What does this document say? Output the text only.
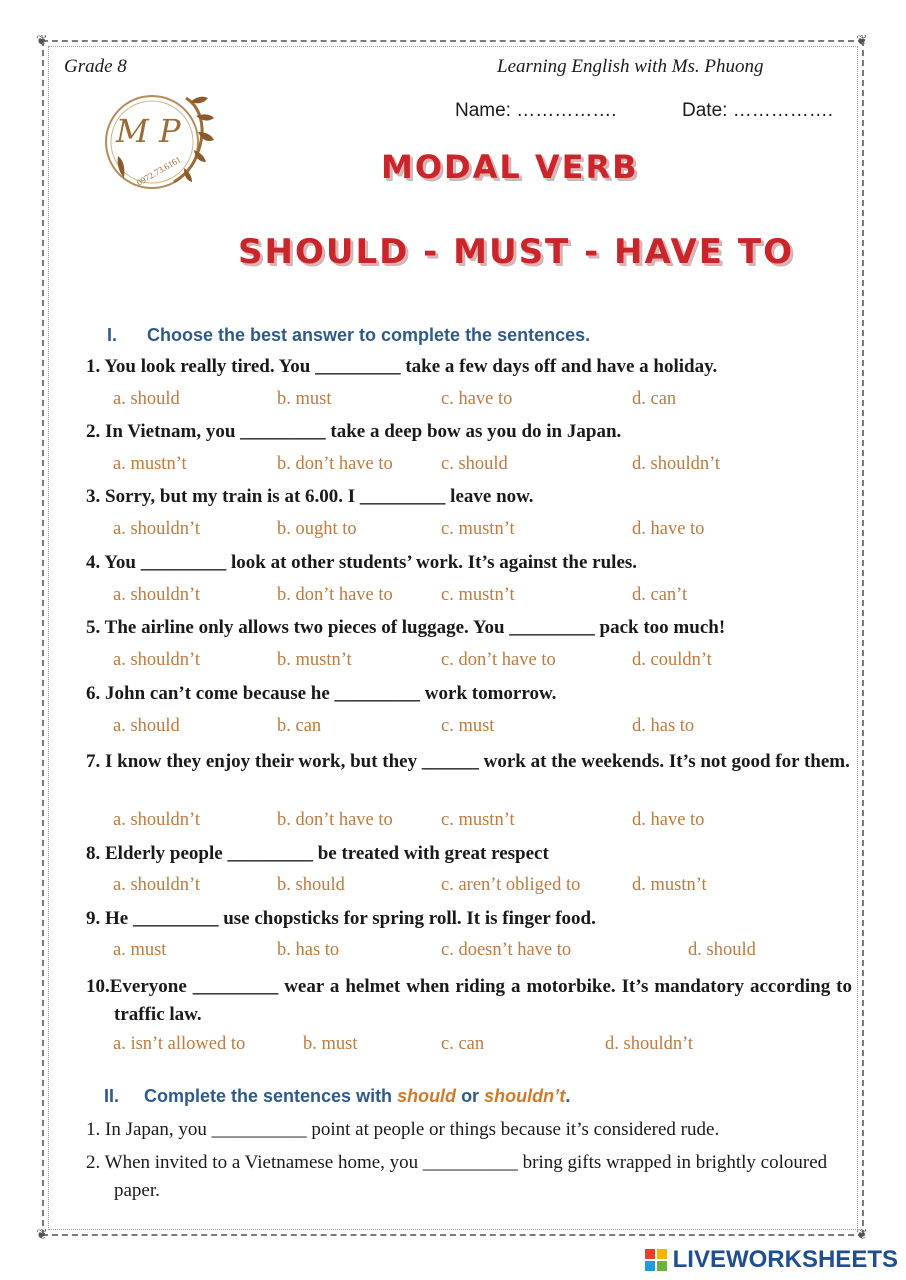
❦	❦
❦	❦
Grade 8	Learning English with Ms. Phuong
Name: …………….	Date: …………….
M P
0972.73.6161	MODAL VERB
SHOULD - MUST - HAVE TO
I. Choose the best answer to complete the sentences.
1. You look really tired. You _________ take a few days off and have a holiday.
a. should	b. must	c. have to	d. can
2. In Vietnam, you _________ take a deep bow as you do in Japan.
a. mustn’t	b. don’t have to	c. should	d. shouldn’t
3. Sorry, but my train is at 6.00. I _________ leave now.
a. shouldn’t	b. ought to	c. mustn’t	d. have to
4. You _________ look at other students’ work. It’s against the rules.
a. shouldn’t	b. don’t have to	c. mustn’t	d. can’t
5. The airline only allows two pieces of luggage. You _________ pack too much!
a. shouldn’t	b. mustn’t	c. don’t have to	d. couldn’t
6. John can’t come because he _________ work tomorrow.
a. should	b. can	c. must	d. has to
7. I know they enjoy their work, but they ______ work at the weekends. It’s not good for them.
a. shouldn’t	b. don’t have to	c. mustn’t	d. have to
8. Elderly people _________ be treated with great respect
a. shouldn’t	b. should	c. aren’t obliged to	d. mustn’t
9. He _________ use chopsticks for spring roll. It is finger food.
a. must	b. has to	c. doesn’t have to	d. should
10.Everyone _________ wear a helmet when riding a motorbike. It’s mandatory according to traffic law.
a. isn’t allowed to	b. must	c. can	d. shouldn’t
II. Complete the sentences with should or shouldn’t.
1. In Japan, you __________ point at people or things because it’s considered rude.
2. When invited to a Vietnamese home, you __________ bring gifts wrapped in brightly coloured paper.
LIVEWORKSHEETS
